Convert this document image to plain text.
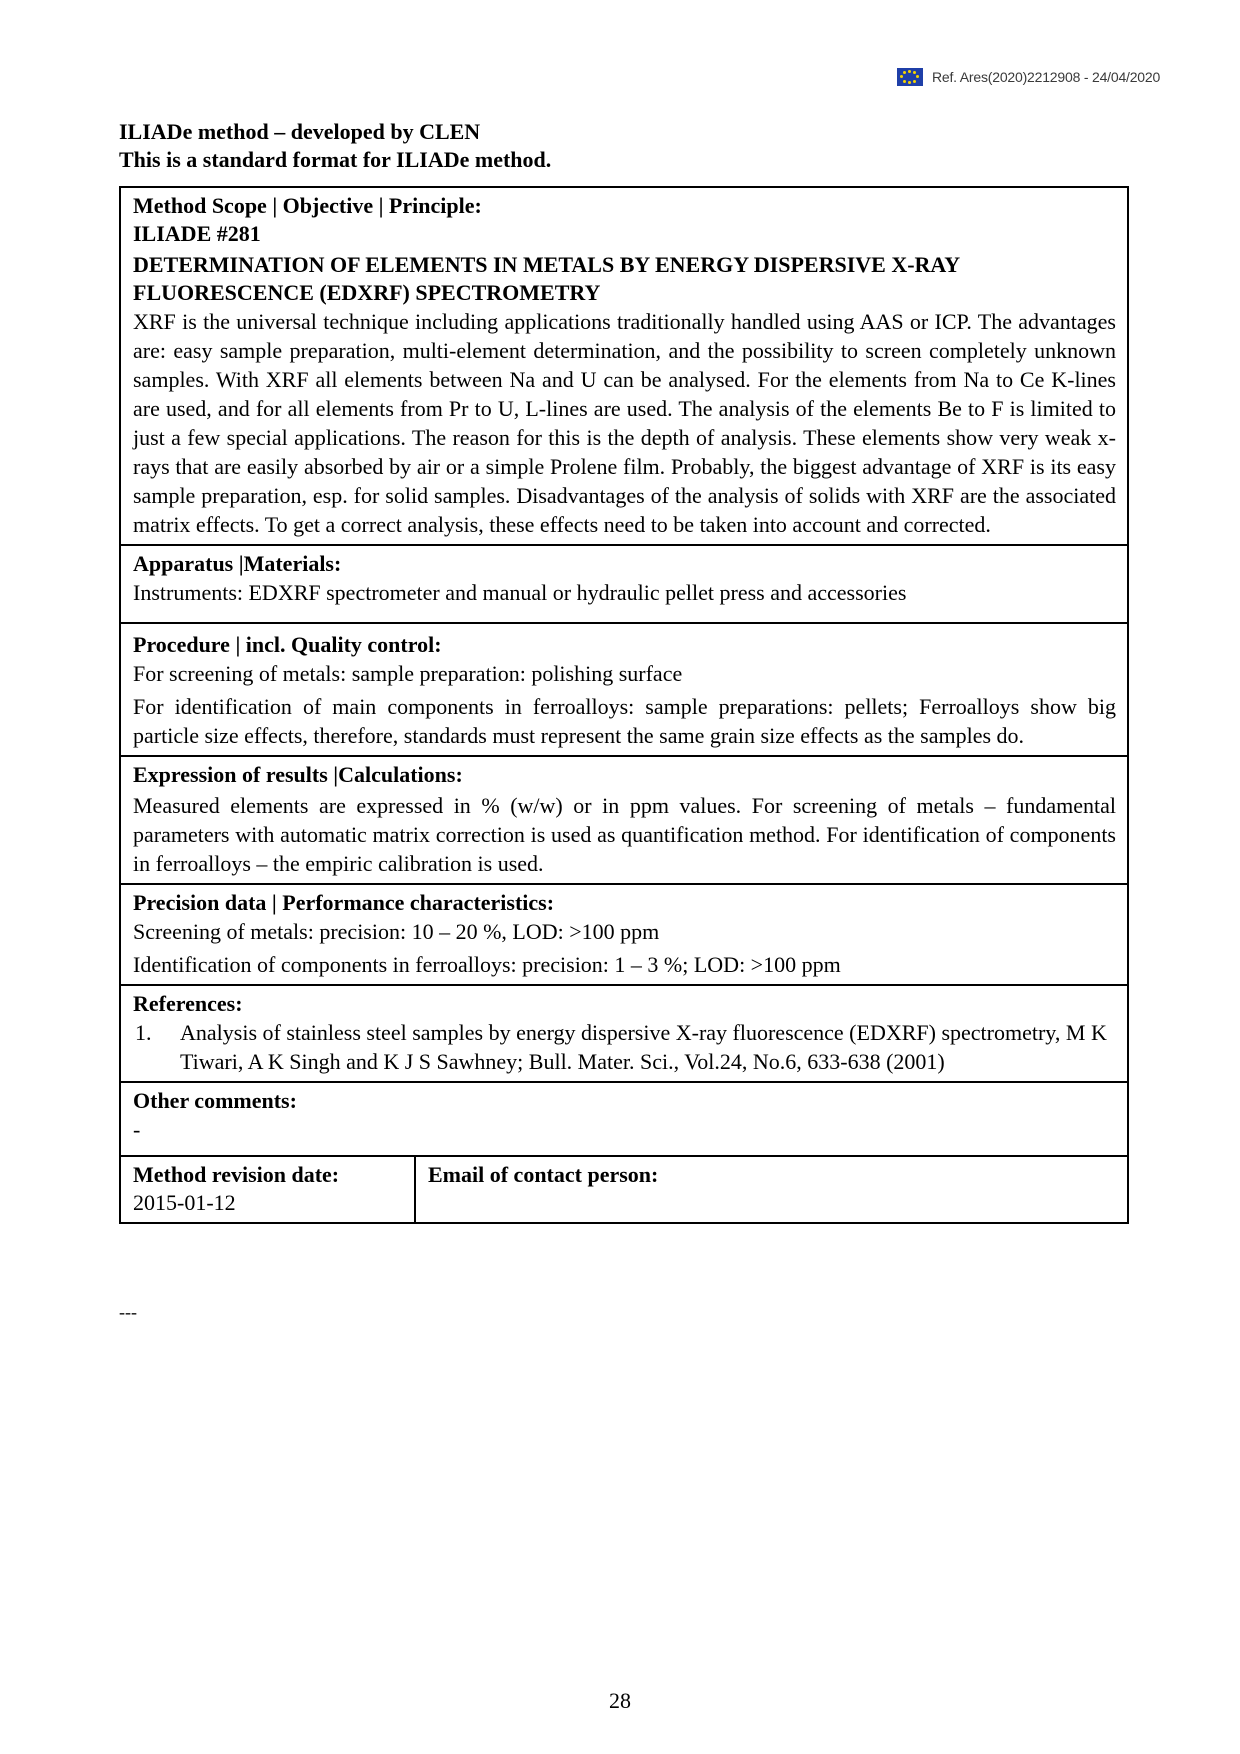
Ref. Ares(2020)2212908 - 24/04/2020
ILIADe method – developed by CLEN
This is a standard format for ILIADe method.
Method Scope | Objective | Principle:
ILIADE #281
DETERMINATION OF ELEMENTS IN METALS BY ENERGY DISPERSIVE X-RAY FLUORESCENCE (EDXRF) SPECTROMETRY
XRF is the universal technique including applications traditionally handled using AAS or ICP. The advantages are: easy sample preparation, multi-element determination, and the possibility to screen completely unknown samples. With XRF all elements between Na and U can be analysed. For the elements from Na to Ce K-lines are used, and for all elements from Pr to U, L-lines are used. The analysis of the elements Be to F is limited to just a few special applications. The reason for this is the depth of analysis. These elements show very weak x-rays that are easily absorbed by air or a simple Prolene film. Probably, the biggest advantage of XRF is its easy sample preparation, esp. for solid samples. Disadvantages of the analysis of solids with XRF are the associated matrix effects. To get a correct analysis, these effects need to be taken into account and corrected.
Apparatus |Materials:
Instruments: EDXRF spectrometer and manual or hydraulic pellet press and accessories
Procedure | incl. Quality control:
For screening of metals: sample preparation: polishing surface
For identification of main components in ferroalloys: sample preparations: pellets; Ferroalloys show big particle size effects, therefore, standards must represent the same grain size effects as the samples do.
Expression of results |Calculations:
Measured elements are expressed in % (w/w) or in ppm values. For screening of metals – fundamental parameters with automatic matrix correction is used as quantification method. For identification of components in ferroalloys – the empiric calibration is used.
Precision data | Performance characteristics:
Screening of metals: precision: 10 – 20 %, LOD: >100 ppm
Identification of components in ferroalloys: precision: 1 – 3 %; LOD: >100 ppm
References:
1.	Analysis of stainless steel samples by energy dispersive X-ray fluorescence (EDXRF) spectrometry, M K Tiwari, A K Singh and K J S Sawhney; Bull. Mater. Sci., Vol.24, No.6, 633-638 (2001)
Other comments:
-
Method revision date:
2015-01-12
Email of contact person:
---
28
